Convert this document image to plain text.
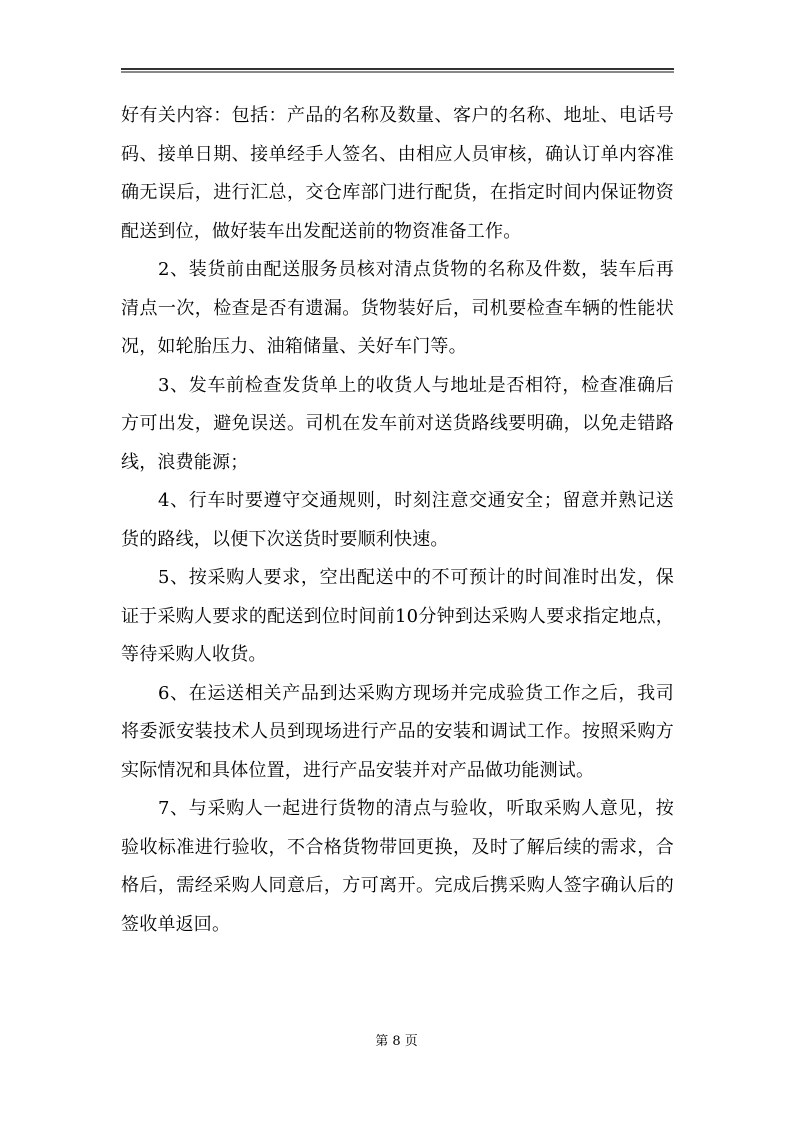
好有关内容：包括：产品的名称及数量、客户的名称、地址、电话号码、接单日期、接单经手人签名、由相应人员审核，确认订单内容准确无误后，进行汇总，交仓库部门进行配货，在指定时间内保证物资配送到位，做好装车出发配送前的物资准备工作。

2、装货前由配送服务员核对清点货物的名称及件数，装车后再清点一次，检查是否有遗漏。货物装好后，司机要检查车辆的性能状况，如轮胎压力、油箱储量、关好车门等。

3、发车前检查发货单上的收货人与地址是否相符，检查准确后方可出发，避免误送。司机在发车前对送货路线要明确，以免走错路线，浪费能源；

4、行车时要遵守交通规则，时刻注意交通安全；留意并熟记送货的路线，以便下次送货时要顺利快速。

5、按采购人要求，空出配送中的不可预计的时间准时出发，保证于采购人要求的配送到位时间前10分钟到达采购人要求指定地点，等待采购人收货。

6、在运送相关产品到达采购方现场并完成验货工作之后，我司将委派安装技术人员到现场进行产品的安装和调试工作。按照采购方实际情况和具体位置，进行产品安装并对产品做功能测试。

7、与采购人一起进行货物的清点与验收，听取采购人意见，按验收标准进行验收，不合格货物带回更换，及时了解后续的需求，合格后，需经采购人同意后，方可离开。完成后携采购人签字确认后的签收单返回。

第 8 页
